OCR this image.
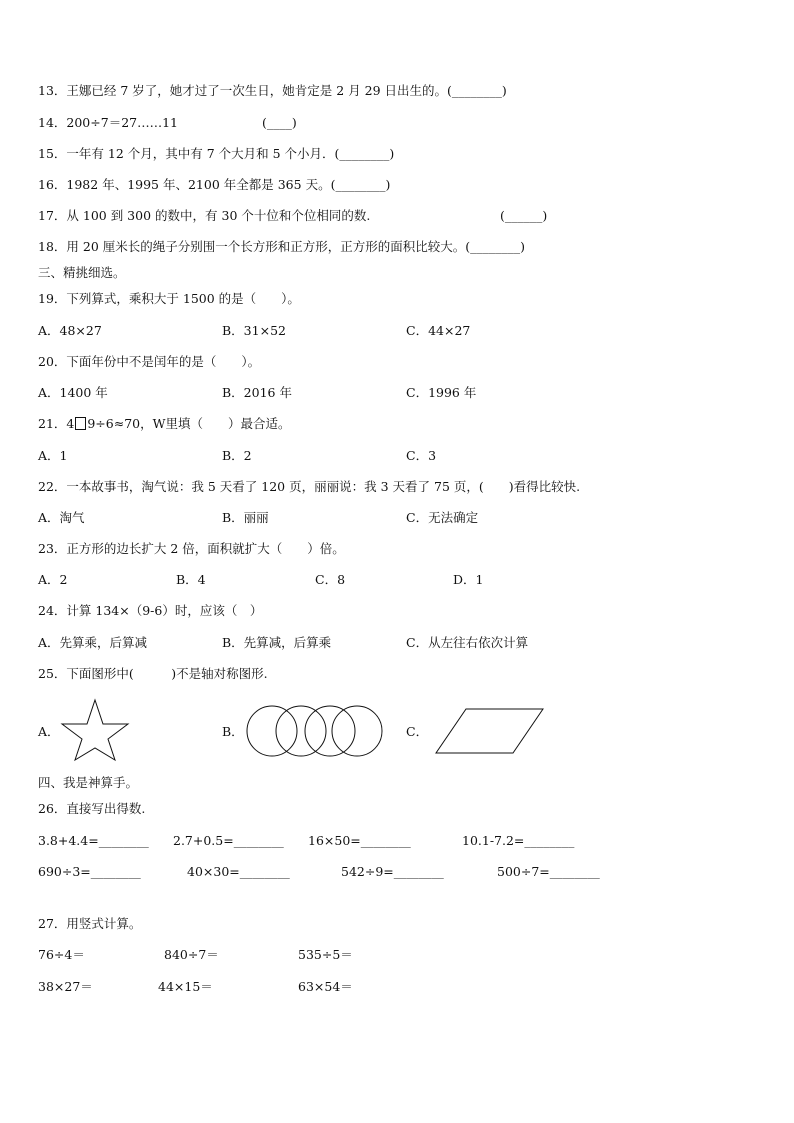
13．王娜已经 7 岁了，她才过了一次生日，她肯定是 2 月 29 日出生的。(________)
14．200÷7＝27……11	(____)
15．一年有 12 个月，其中有 7 个大月和 5 个小月．(________)
16．1982 年、1995 年、2100 年全都是 365 天。(________)
17．从 100 到 300 的数中，有 30 个十位和个位相同的数.	(______)
18．用 20 厘米长的绳子分别围一个长方形和正方形，正方形的面积比较大。(________)
三、精挑细选。
19．下列算式，乘积大于 1500 的是（　　）。
A．48×27	B．31×52	C．44×27
20．下面年份中不是闰年的是（　　）。
A．1400 年	B．2016 年	C．1996 年
21．4 9÷6≈70，W里填（　　）最合适。
A．1	B．2	C．3
22．一本故事书，淘气说：我 5 天看了 120 页，丽丽说：我 3 天看了 75 页，(　　)看得比较快.
A．淘气	B．丽丽	C．无法确定
23．正方形的边长扩大 2 倍，面积就扩大（　　）倍。
A．2	B．4	C．8	D．1
24．计算 134×（9-6）时，应该（　）
A．先算乘，后算减	B．先算减，后算乘	C．从左往右依次计算
25．下面图形中(　　　)不是轴对称图形.
A．	B．	C．
四、我是神算手。
26．直接写出得数.
3.8+4.4=________ 2.7+0.5=________ 16×50=________	10.1-7.2=________
690÷3=________	40×30=________	542÷9=________	500÷7=________
27．用竖式计算。
76÷4＝	840÷7＝	535÷5＝
38×27＝	44×15＝	63×54＝
